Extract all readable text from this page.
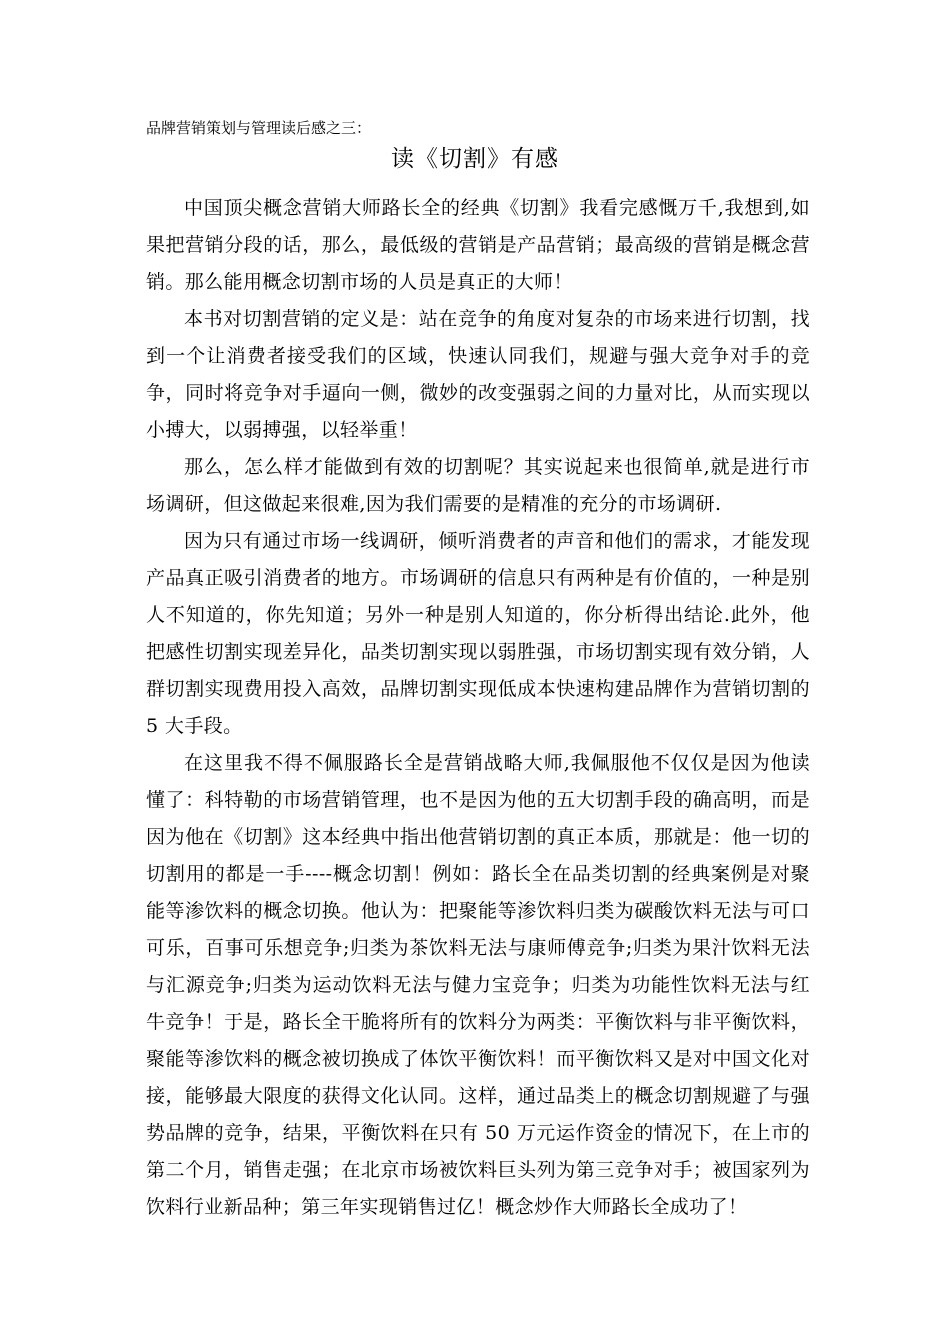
品牌营销策划与管理读后感之三：
读《切割》有感

中国顶尖概念营销大师路长全的经典《切割》我看完感慨万千,我想到,如果把营销分段的话，那么，最低级的营销是产品营销；最高级的营销是概念营销。那么能用概念切割市场的人员是真正的大师！

本书对切割营销的定义是：站在竞争的角度对复杂的市场来进行切割，找到一个让消费者接受我们的区域，快速认同我们，规避与强大竞争对手的竞争，同时将竞争对手逼向一侧，微妙的改变强弱之间的力量对比，从而实现以小搏大，以弱搏强，以轻举重！

那么，怎么样才能做到有效的切割呢？其实说起来也很简单,就是进行市场调研，但这做起来很难,因为我们需要的是精准的充分的市场调研.

因为只有通过市场一线调研，倾听消费者的声音和他们的需求，才能发现产品真正吸引消费者的地方。市场调研的信息只有两种是有价值的，一种是别人不知道的，你先知道；另外一种是别人知道的，你分析得出结论.此外，他把感性切割实现差异化，品类切割实现以弱胜强，市场切割实现有效分销，人群切割实现费用投入高效，品牌切割实现低成本快速构建品牌作为营销切割的 5 大手段。

在这里我不得不佩服路长全是营销战略大师,我佩服他不仅仅是因为他读懂了：科特勒的市场营销管理，也不是因为他的五大切割手段的确高明，而是因为他在《切割》这本经典中指出他营销切割的真正本质，那就是：他一切的切割用的都是一手----概念切割！例如：路长全在品类切割的经典案例是对聚能等渗饮料的概念切换。他认为：把聚能等渗饮料归类为碳酸饮料无法与可口可乐，百事可乐想竞争;归类为茶饮料无法与康师傅竞争;归类为果汁饮料无法与汇源竞争;归类为运动饮料无法与健力宝竞争；归类为功能性饮料无法与红牛竞争！于是，路长全干脆将所有的饮料分为两类：平衡饮料与非平衡饮料，聚能等渗饮料的概念被切换成了体饮平衡饮料！而平衡饮料又是对中国文化对接，能够最大限度的获得文化认同。这样，通过品类上的概念切割规避了与强势品牌的竞争，结果，平衡饮料在只有 50 万元运作资金的情况下，在上市的第二个月，销售走强；在北京市场被饮料巨头列为第三竞争对手；被国家列为饮料行业新品种；第三年实现销售过亿！概念炒作大师路长全成功了！
